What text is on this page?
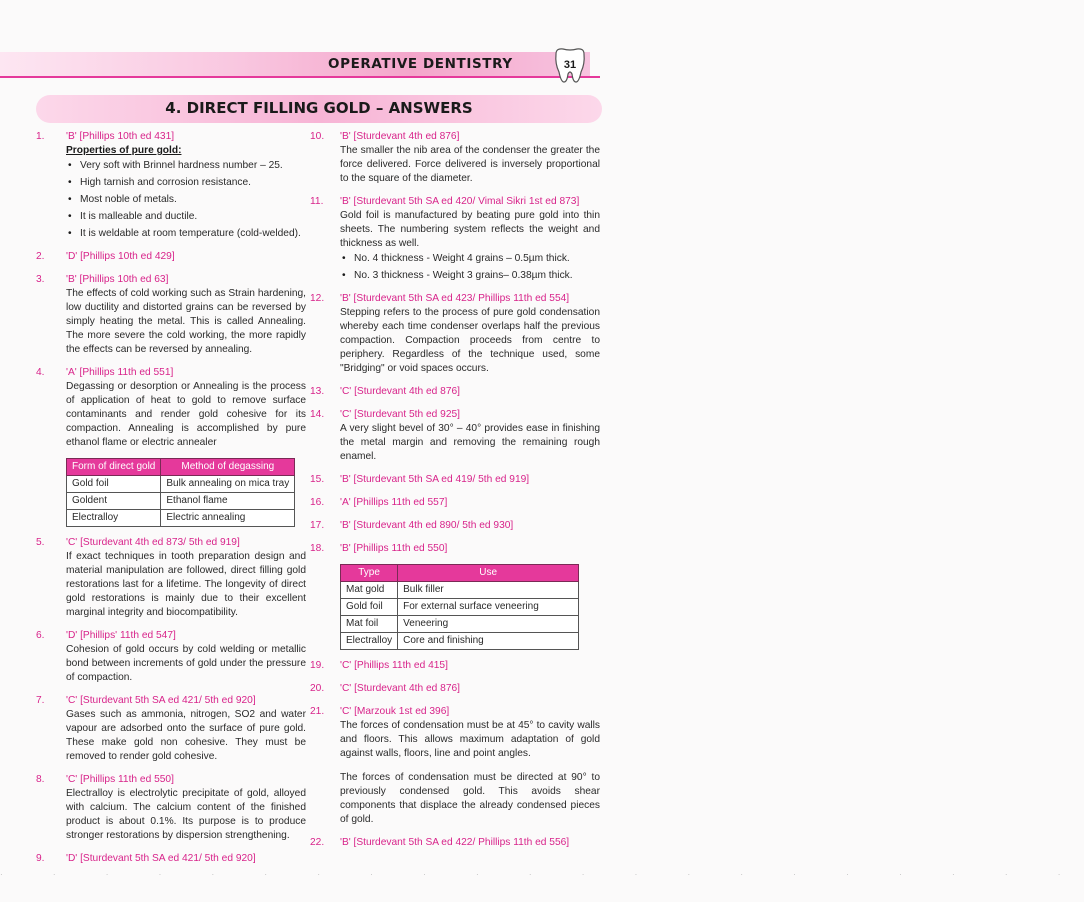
OPERATIVE DENTISTRY	31
4. DIRECT FILLING GOLD – ANSWERS
1.	'B' [Phillips 10th ed 431]
Properties of pure gold:
• Very soft with Brinnel hardness number – 25.
• High tarnish and corrosion resistance.
• Most noble of metals.
• It is malleable and ductile.
• It is weldable at room temperature (cold-welded).
2.	'D' [Phillips 10th ed 429]
3.	'B' [Phillips 10th ed 63]
The effects of cold working such as Strain hardening, low ductility and distorted grains can be reversed by simply heating the metal. This is called Annealing. The more severe the cold working, the more rapidly the effects can be reversed by annealing.
4.	'A' [Phillips 11th ed 551]
Degassing or desorption or Annealing is the process of application of heat to gold to remove surface contaminants and render gold cohesive for its compaction. Annealing is accomplished by pure ethanol flame or electric annealer
Form of direct gold	Method of degassing
Gold foil	Bulk annealing on mica tray
Goldent	Ethanol flame
Electralloy	Electric annealing
5.	'C' [Sturdevant 4th ed 873/ 5th ed 919]
If exact techniques in tooth preparation design and material manipulation are followed, direct filling gold restorations last for a lifetime. The longevity of direct gold restorations is mainly due to their excellent marginal integrity and biocompatibility.
6.	'D' [Phillips' 11th ed 547]
Cohesion of gold occurs by cold welding or metallic bond between increments of gold under the pressure of compaction.
7.	'C' [Sturdevant 5th SA ed 421/ 5th ed 920]
Gases such as ammonia, nitrogen, SO2 and water vapour are adsorbed onto the surface of pure gold. These make gold non cohesive. They must be removed to render gold cohesive.
8.	'C' [Phillips 11th ed 550]
Electralloy is electrolytic precipitate of gold, alloyed with calcium. The calcium content of the finished product is about 0.1%. Its purpose is to produce stronger restorations by dispersion strengthening.
9.	'D' [Sturdevant 5th SA ed 421/ 5th ed 920]
10.	'B' [Sturdevant 4th ed 876]
The smaller the nib area of the condenser the greater the force delivered. Force delivered is inversely proportional to the square of the diameter.
11.	'B' [Sturdevant 5th SA ed 420/ Vimal Sikri 1st ed 873]
Gold foil is manufactured by beating pure gold into thin sheets. The numbering system reflects the weight and thickness as well.
• No. 4 thickness - Weight 4 grains – 0.5µm thick.
• No. 3 thickness - Weight 3 grains– 0.38µm thick.
12.	'B' [Sturdevant 5th SA ed 423/ Phillips 11th ed 554]
Stepping refers to the process of pure gold condensation whereby each time condenser overlaps half the previous compaction. Compaction proceeds from centre to periphery. Regardless of the technique used, some "Bridging" or void spaces occurs.
13.	'C' [Sturdevant 4th ed 876]
14.	'C' [Sturdevant 5th ed 925]
A very slight bevel of 30° – 40° provides ease in finishing the metal margin and removing the remaining rough enamel.
15.	'B' [Sturdevant 5th SA ed 419/ 5th ed 919]
16.	'A' [Phillips 11th ed 557]
17.	'B' [Sturdevant 4th ed 890/ 5th ed 930]
18.	'B' [Phillips 11th ed 550]
Type	Use
Mat gold	Bulk filler
Gold foil	For external surface veneering
Mat foil	Veneering
Electralloy	Core and finishing
19.	'C' [Phillips 11th ed 415]
20.	'C' [Sturdevant 4th ed 876]
21.	'C' [Marzouk 1st ed 396]
The forces of condensation must be at 45° to cavity walls and floors. This allows maximum adaptation of gold against walls, floors, line and point angles.
The forces of condensation must be directed at 90° to previously condensed gold. This avoids shear components that displace the already condensed pieces of gold.
22.	'B' [Sturdevant 5th SA ed 422/ Phillips 11th ed 556]
· · · · · · · · · · · · · · · · · · · · ·
